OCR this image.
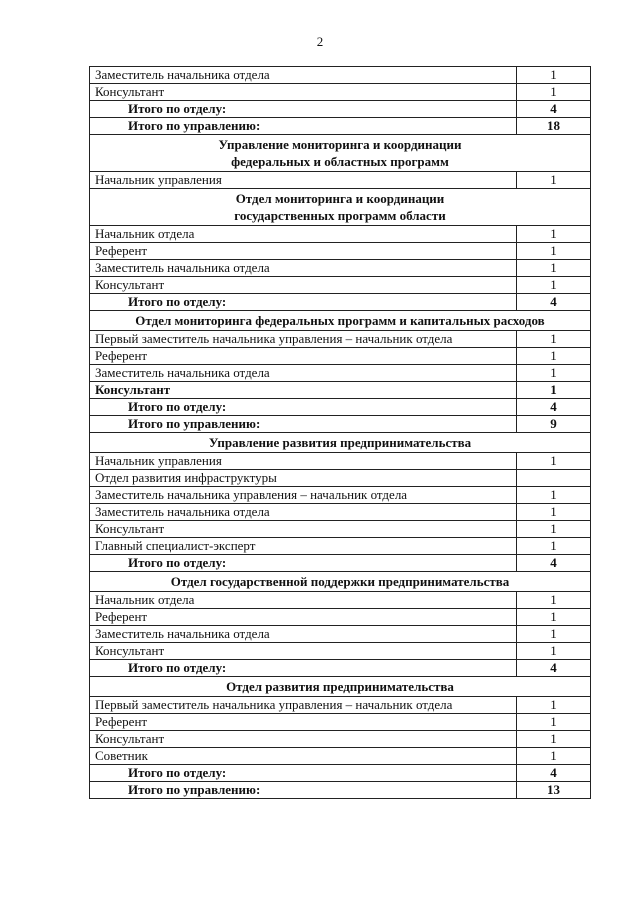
2
Заместитель начальника отдела	1
Консультант	1
Итого по отделу:	4
Итого по управлению:	18

Управление мониторинга и координации
федеральных и областных программ	

Начальник управления	1

Отдел мониторинга и координации
государственных программ области	

Начальник отдела	1
Референт	1
Заместитель начальника отдела	1
Консультант	1
Итого по отделу:	4

Отдел мониторинга федеральных программ и капитальных расходов	

Первый заместитель начальника управления – начальник отдела	1
Референт	1
Заместитель начальника отдела	1
Консультант	1
Итого по отделу:	4
Итого по управлению:	9

Управление развития предпринимательства	

Начальник управления	1
Отдел развития инфраструктуры	
Заместитель начальника управления – начальник отдела	1
Заместитель начальника отдела	1
Консультант	1
Главный специалист-эксперт	1
Итого по отделу:	4

Отдел государственной поддержки предпринимательства	

Начальник отдела	1
Референт	1
Заместитель начальника отдела	1
Консультант	1
Итого по отделу:	4

Отдел развития предпринимательства	

Первый заместитель начальника управления – начальник отдела	1
Референт	1
Консультант	1
Советник	1
Итого по отделу:	4
Итого по управлению:	13
